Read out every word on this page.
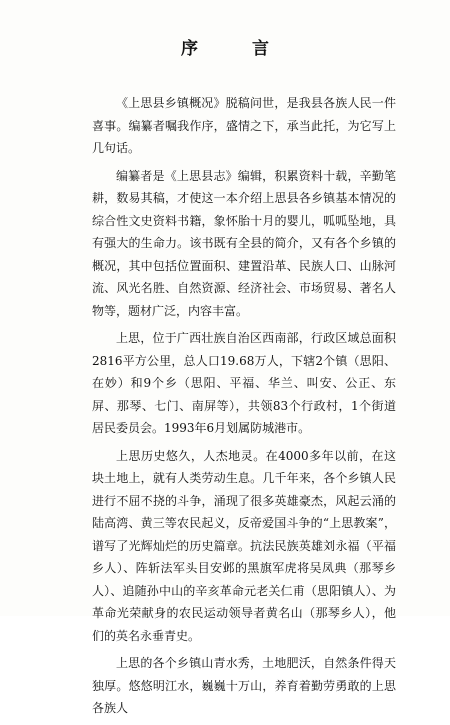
序 言

《上思县乡镇概况》脱稿问世，是我县各族人民一件喜事。编纂者嘱我作序，盛情之下，承当此托，为它写上几句话。

编纂者是《上思县志》编辑，积累资料十载，辛勤笔耕，数易其稿，才使这一本介绍上思县各乡镇基本情况的综合性文史资料书籍，象怀胎十月的婴儿，呱呱坠地，具有强大的生命力。该书既有全县的简介，又有各个乡镇的概况，其中包括位置面积、建置沿革、民族人口、山脉河流、风光名胜、自然资源、经济社会、市场贸易、著名人物等，题材广泛，内容丰富。

上思，位于广西壮族自治区西南部，行政区域总面积2816平方公里，总人口19.68万人，下辖2个镇（思阳、在妙）和9个乡（思阳、平福、华兰、叫安、公正、东屏、那琴、七门、南屏等），共领83个行政村，1个街道居民委员会。1993年6月划属防城港市。

上思历史悠久，人杰地灵。在4000多年以前，在这块土地上，就有人类劳动生息。几千年来，各个乡镇人民进行不屈不挠的斗争，涌现了很多英雄豪杰，风起云涌的陆高湾、黄三等农民起义，反帝爱国斗争的“上思教案”，谱写了光辉灿烂的历史篇章。抗法民族英雄刘永福（平福乡人）、阵斩法军头目安邺的黑旗军虎将吴凤典（那琴乡人）、追随孙中山的辛亥革命元老关仁甫（思阳镇人）、为革命光荣献身的农民运动领导者黄名山（那琴乡人），他们的英名永垂青史。

上思的各个乡镇山青水秀，土地肥沃，自然条件得天独厚。悠悠明江水，巍巍十万山，养育着勤劳勇敢的上思各族人
